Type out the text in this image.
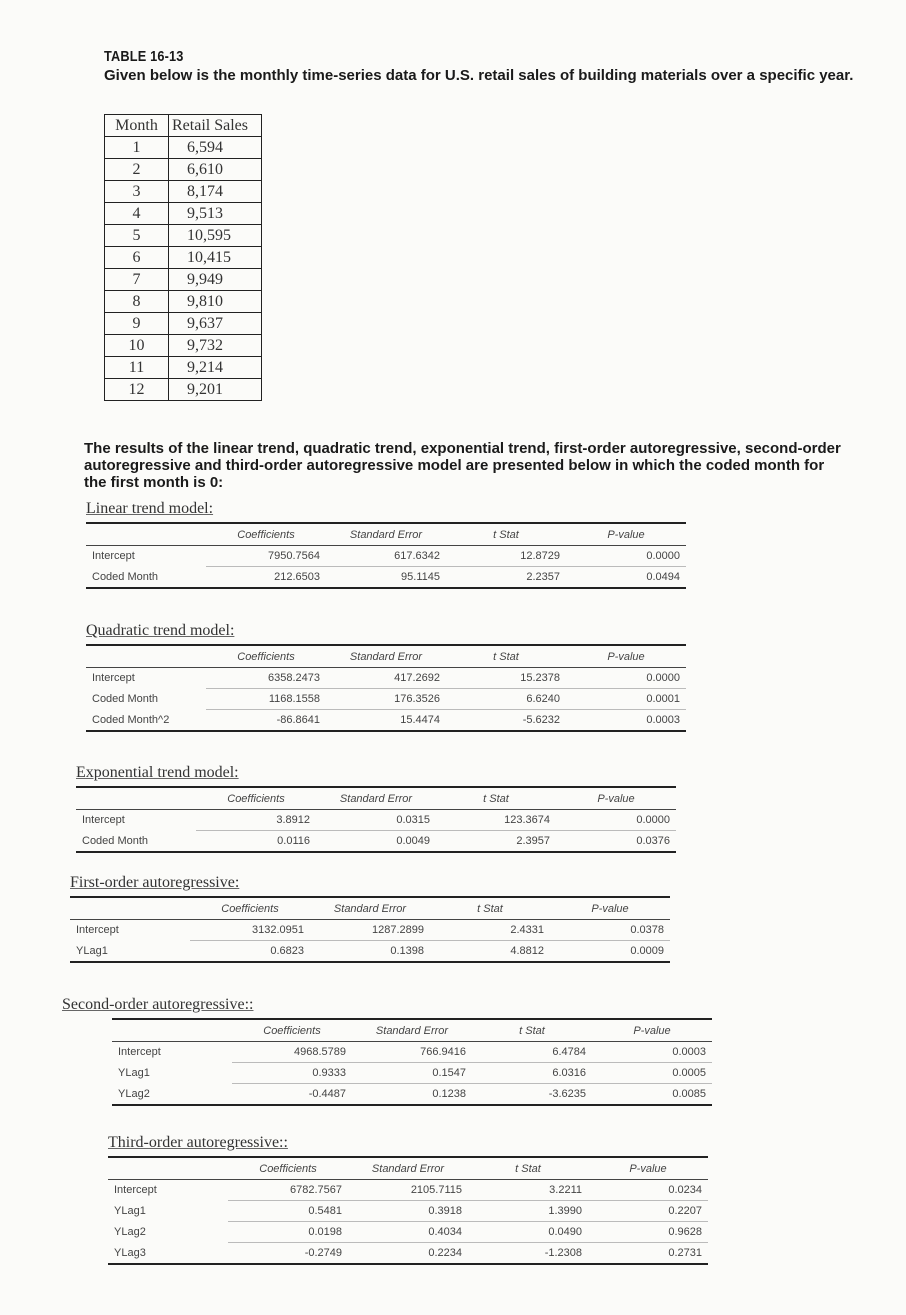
TABLE 16-13

Given below is the monthly time-series data for U.S. retail sales of building materials over a specific year.

Month	Retail Sales
1	6,594
2	6,610
3	8,174
4	9,513
5	10,595
6	10,415
7	9,949
8	9,810
9	9,637
10	9,732
11	9,214
12	9,201

The results of the linear trend, quadratic trend, exponential trend, first-order autoregressive, second-order autoregressive and third-order autoregressive model are presented below in which the coded month for the first month is 0:

Linear trend model:

	Coefficients	Standard Error	t Stat	P-value
Intercept	7950.7564	617.6342	12.8729	0.0000
Coded Month	212.6503	95.1145	2.2357	0.0494

Quadratic trend model:

	Coefficients	Standard Error	t Stat	P-value
Intercept	6358.2473	417.2692	15.2378	0.0000
Coded Month	1168.1558	176.3526	6.6240	0.0001
Coded Month^2	-86.8641	15.4474	-5.6232	0.0003

Exponential trend model:

	Coefficients	Standard Error	t Stat	P-value
Intercept	3.8912	0.0315	123.3674	0.0000
Coded Month	0.0116	0.0049	2.3957	0.0376

First-order autoregressive:

	Coefficients	Standard Error	t Stat	P-value
Intercept	3132.0951	1287.2899	2.4331	0.0378
YLag1	0.6823	0.1398	4.8812	0.0009

Second-order autoregressive::

	Coefficients	Standard Error	t Stat	P-value
Intercept	4968.5789	766.9416	6.4784	0.0003
YLag1	0.9333	0.1547	6.0316	0.0005
YLag2	-0.4487	0.1238	-3.6235	0.0085

Third-order autoregressive::

	Coefficients	Standard Error	t Stat	P-value
Intercept	6782.7567	2105.7115	3.2211	0.0234
YLag1	0.5481	0.3918	1.3990	0.2207
YLag2	0.0198	0.4034	0.0490	0.9628
YLag3	-0.2749	0.2234	-1.2308	0.2731
